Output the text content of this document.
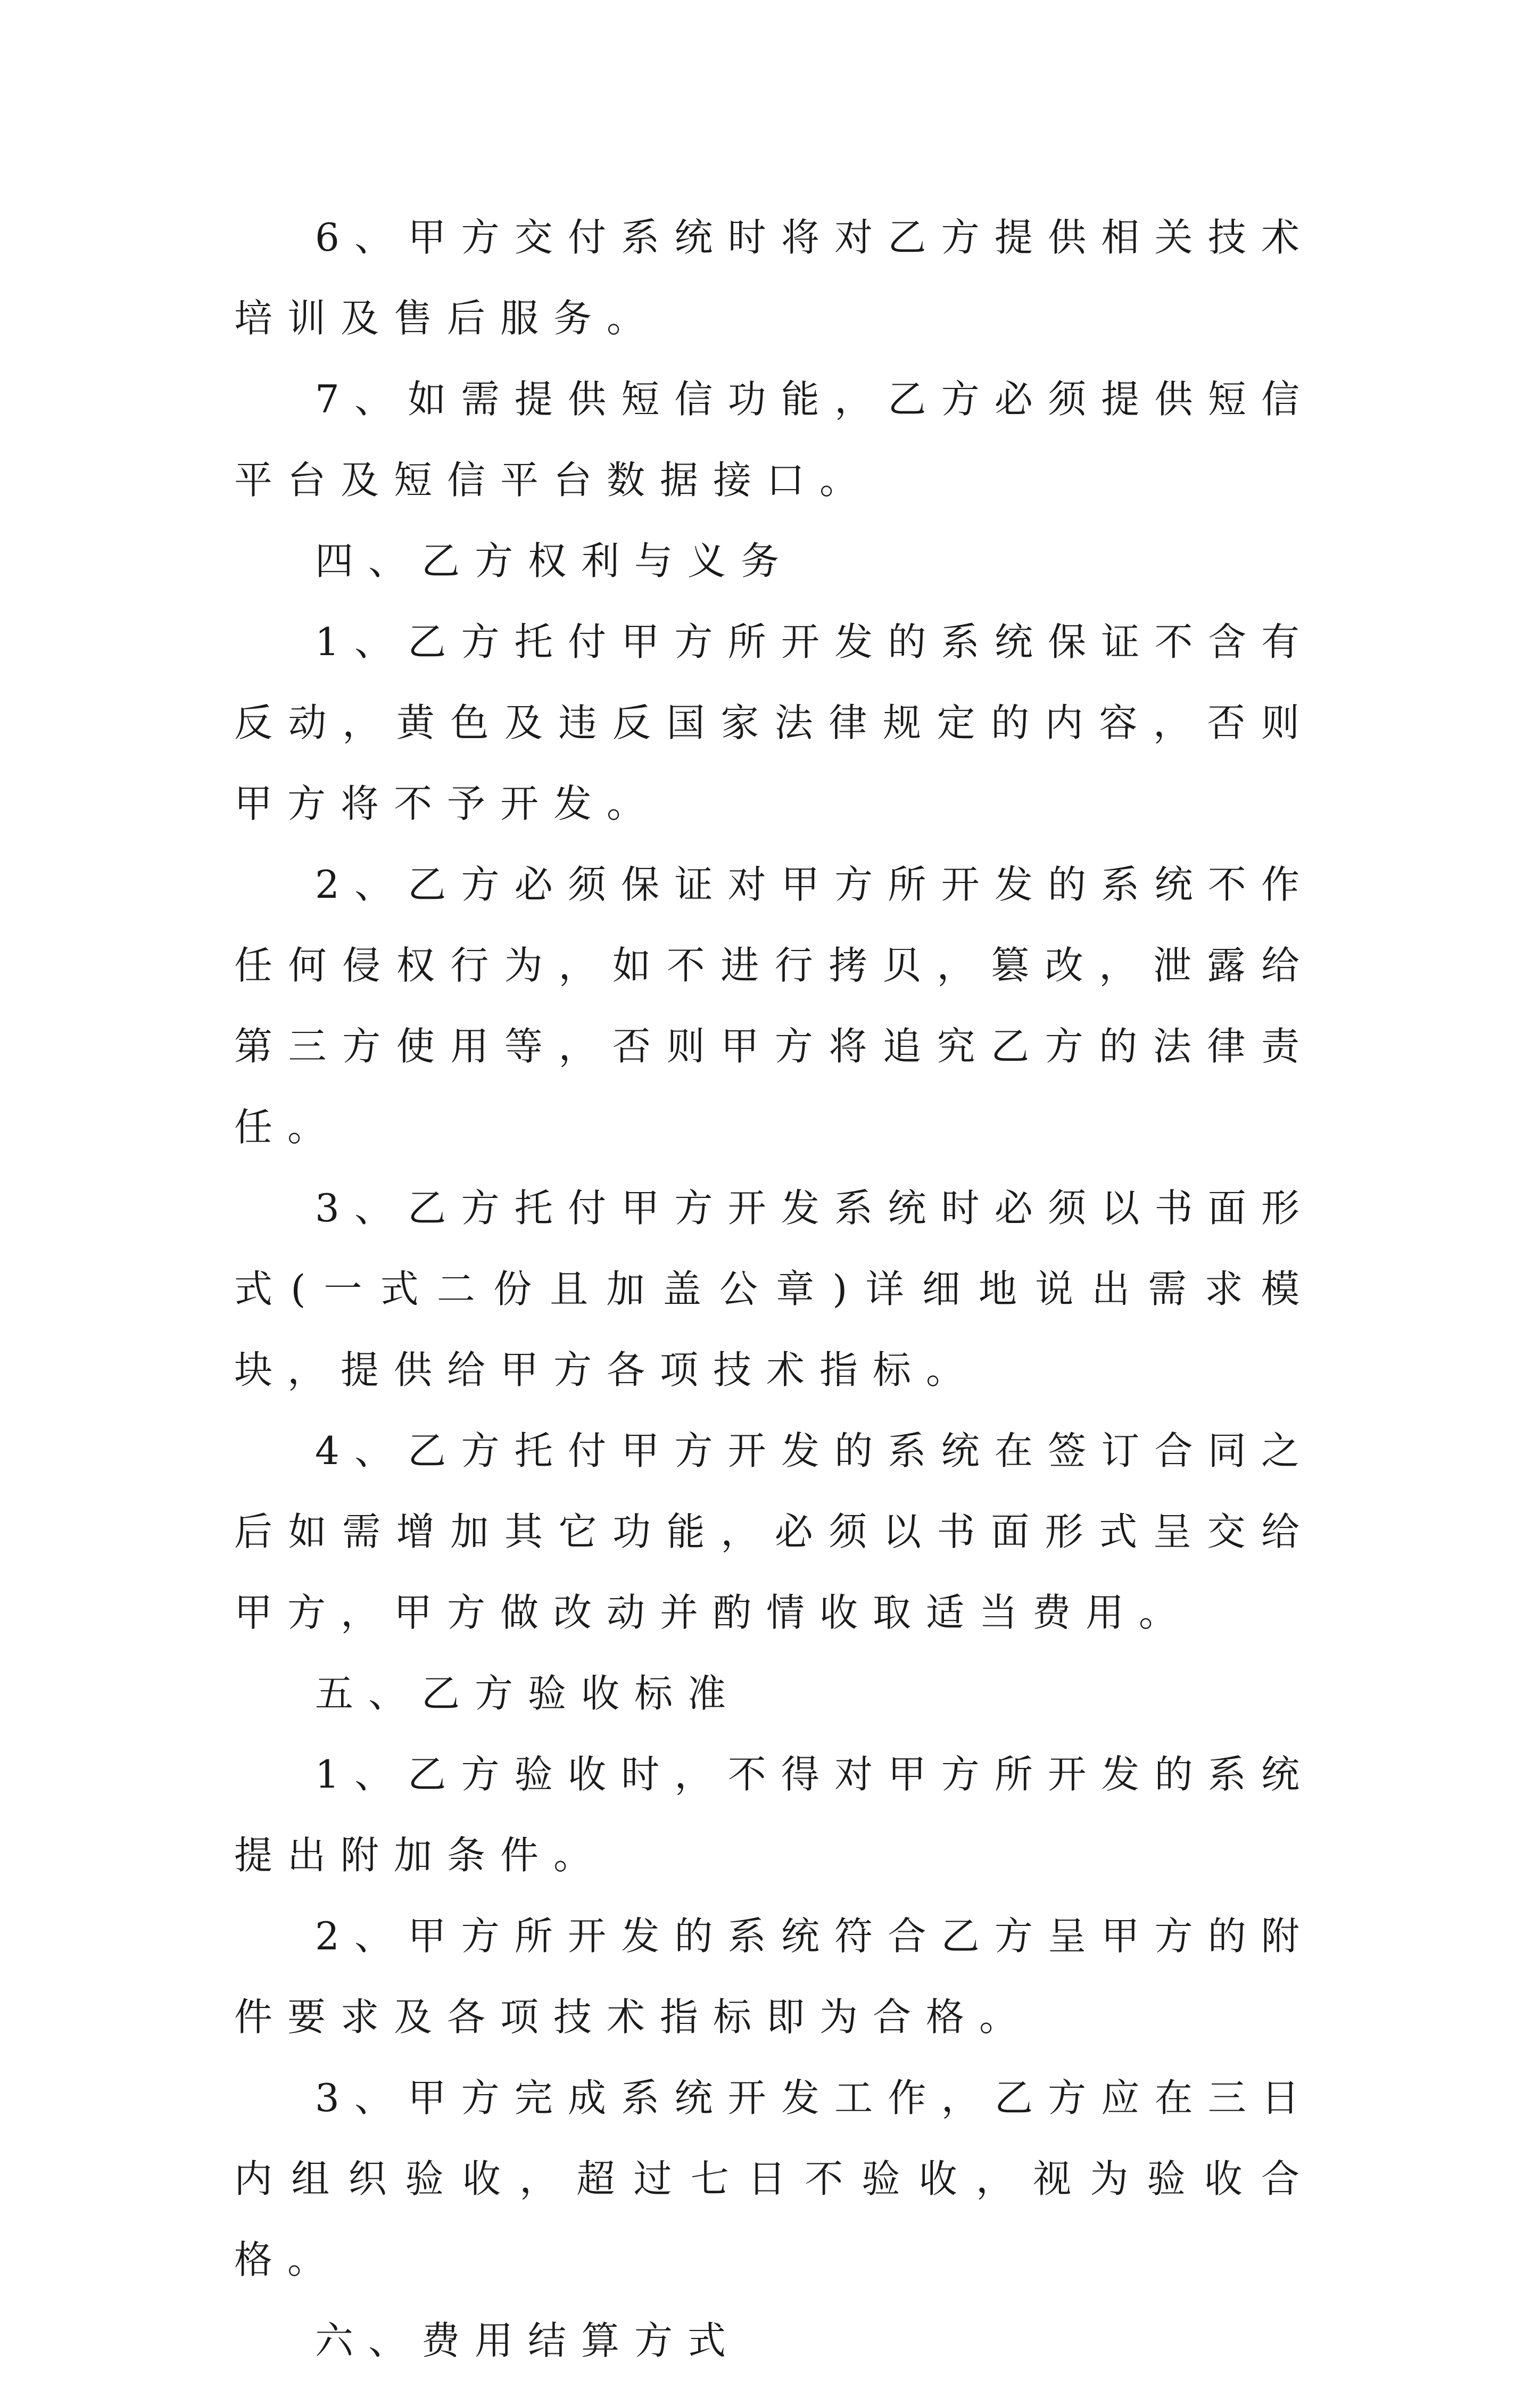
6、甲方交付系统时将对乙方提供相关技术培训及售后服务。

7、如需提供短信功能，乙方必须提供短信平台及短信平台数据接口。

四、乙方权利与义务

1、乙方托付甲方所开发的系统保证不含有反动，黄色及违反国家法律规定的内容，否则甲方将不予开发。

2、乙方必须保证对甲方所开发的系统不作任何侵权行为，如不进行拷贝，篡改，泄露给第三方使用等，否则甲方将追究乙方的法律责任。

3、乙方托付甲方开发系统时必须以书面形式(一式二份且加盖公章)详细地说出需求模块，提供给甲方各项技术指标。

4、乙方托付甲方开发的系统在签订合同之后如需增加其它功能，必须以书面形式呈交给甲方，甲方做改动并酌情收取适当费用。

五、乙方验收标准

1、乙方验收时，不得对甲方所开发的系统提出附加条件。

2、甲方所开发的系统符合乙方呈甲方的附件要求及各项技术指标即为合格。

3、甲方完成系统开发工作，乙方应在三日内组织验收，超过七日不验收，视为验收合格。

六、费用结算方式
